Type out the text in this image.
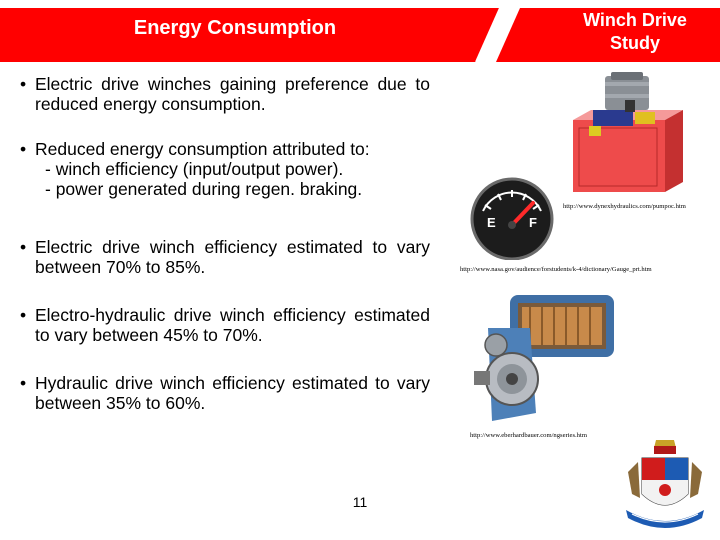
Energy Consumption	Winch Drive
Study
• Electric drive winches gaining preference due to reduced energy consumption.
• Reduced energy consumption attributed to:
- winch efficiency (input/output power).
- power generated during regen. braking.
• Electric drive winch efficiency estimated to vary between 70% to 85%.
• Electro-hydraulic drive winch efficiency estimated to vary between 45% to 70%.
• Hydraulic drive winch efficiency estimated to vary between 35% to 60%.
http://www.dynexhydraulics.com/pumpoc.htm
E	F
http://www.nasa.gov/audience/forstudents/k-4/dictionary/Gauge_prt.htm
http://www.eberhardbauer.com/ngseries.htm
11
